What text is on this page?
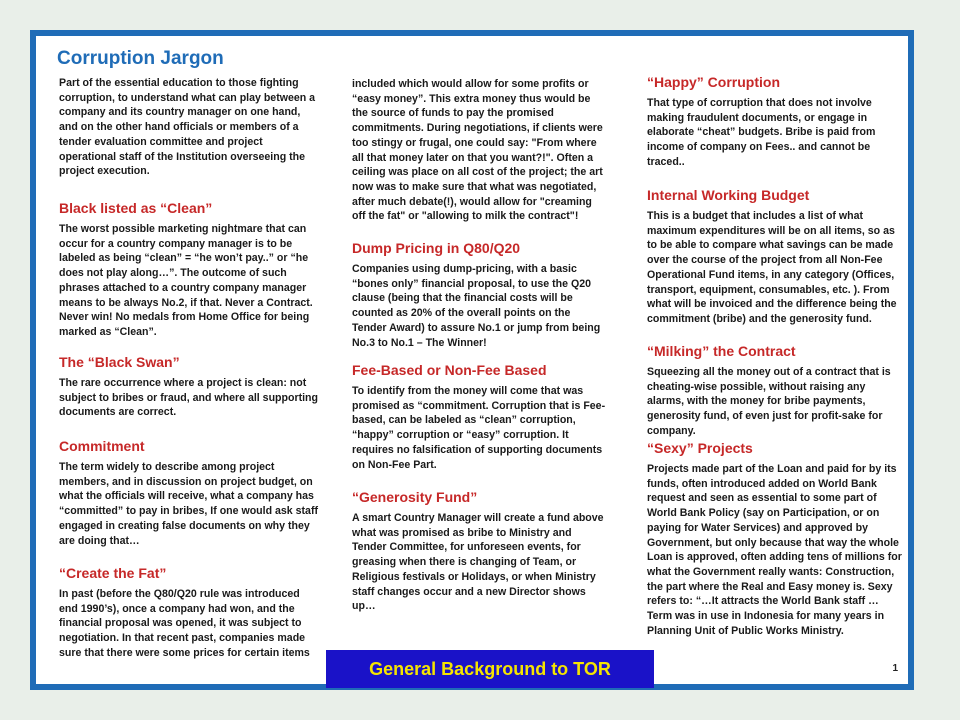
Corruption Jargon

Part of the essential education to those fighting corruption, to understand what can play between a company and its country manager on one hand, and on the other hand officials or members of a tender evaluation committee and project operational staff of the Institution overseeing the project execution.

Black listed as “Clean”

The worst possible marketing nightmare that can occur for a country company manager is to be labeled as being “clean” = “he won’t pay..” or “he does not play along…”. The outcome of such phrases attached to a country company manager means to be always No.2, if that. Never a Contract. Never win! No medals from Home Office for being marked as “Clean”.

The “Black Swan”

The rare occurrence where a project is clean: not subject to bribes or fraud, and where all supporting documents are correct.

Commitment

The term widely to describe among project members, and in discussion on project budget, on what the officials will receive, what a company has “committed” to pay in bribes, If one would ask staff engaged in creating false documents on why they are doing that…

“Create the Fat”

In past (before the Q80/Q20 rule was introduced end 1990’s), once a company had won, and the financial proposal was opened, it was subject to negotiation. In that recent past, companies made sure that there were some prices for certain items

included which would allow for some profits or “easy money”. This extra money thus would be the source of funds to pay the promised commitments. During negotiations, if clients were too stingy or frugal, one could say: "From where all that money later on that you want?!". Often a ceiling was place on all cost of the project; the art now was to make sure that what was negotiated, after much debate(!), would allow for "creaming off the fat" or "allowing to milk the contract"!

Dump Pricing in Q80/Q20

Companies using dump-pricing, with a basic “bones only” financial proposal, to use the Q20 clause (being that the financial costs will be counted as 20% of the overall points on the Tender Award) to assure No.1 or jump from being No.3 to No.1 – The Winner!

Fee-Based or Non-Fee Based

To identify from the money will come that was promised as “commitment. Corruption that is Fee-based, can be labeled as “clean” corruption, “happy” corruption or “easy” corruption. It requires no falsification of supporting documents on Non-Fee Part.

“Generosity Fund”

A smart Country Manager will create a fund above what was promised as bribe to Ministry and Tender Committee, for unforeseen events, for greasing when there is changing of Team, or Religious festivals or Holidays, or when Ministry staff changes occur and a new Director shows up…

“Happy” Corruption

That type of corruption that does not involve making fraudulent documents, or engage in elaborate “cheat” budgets. Bribe is paid from income of company on Fees.. and cannot be traced..

Internal Working Budget

This is a budget that includes a list of what maximum expenditures will be on all items, so as to be able to compare what savings can be made over the course of the project from all Non-Fee Operational Fund items, in any category (Offices, transport, equipment, consumables, etc. ). From what will be invoiced and the difference being the commitment (bribe) and the generosity fund.

“Milking” the Contract

Squeezing all the money out of a contract that is cheating-wise possible, without raising any alarms, with the money for bribe payments, generosity fund, of even just for profit-sake for company.

“Sexy” Projects

Projects made part of the Loan and paid for by its funds, often introduced added on World Bank request and seen as essential to some part of World Bank Policy (say on Participation, or on paying for Water Services) and approved by Government, but only because that way the whole Loan is approved, often adding tens of millions for what the Government really wants: Construction, the part where the Real and Easy money is. Sexy refers to: “…It attracts the World Bank staff … Term was in use in Indonesia for many years in Planning Unit of Public Works Ministry.

General Background to TOR	1
